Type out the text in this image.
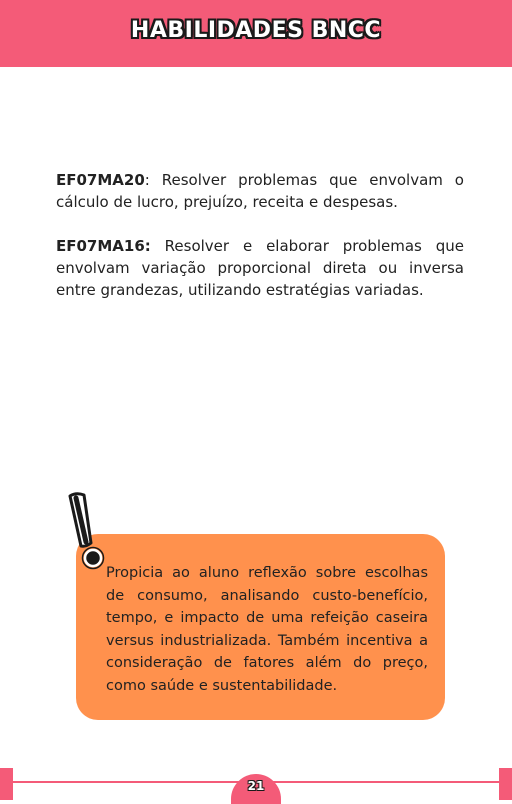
HABILIDADES BNCC

EF07MA20: Resolver problemas que envolvam o cálculo de lucro, prejuízo, receita e despesas.

EF07MA16: Resolver e elaborar problemas que envolvam variação proporcional direta ou inversa entre grandezas, utilizando estratégias variadas.

Propicia ao aluno reflexão sobre escolhas de consumo, analisando custo-benefício, tempo, e impacto de uma refeição caseira versus industrializada. Também incentiva a consideração de fatores além do preço, como saúde e sustentabilidade.
21
